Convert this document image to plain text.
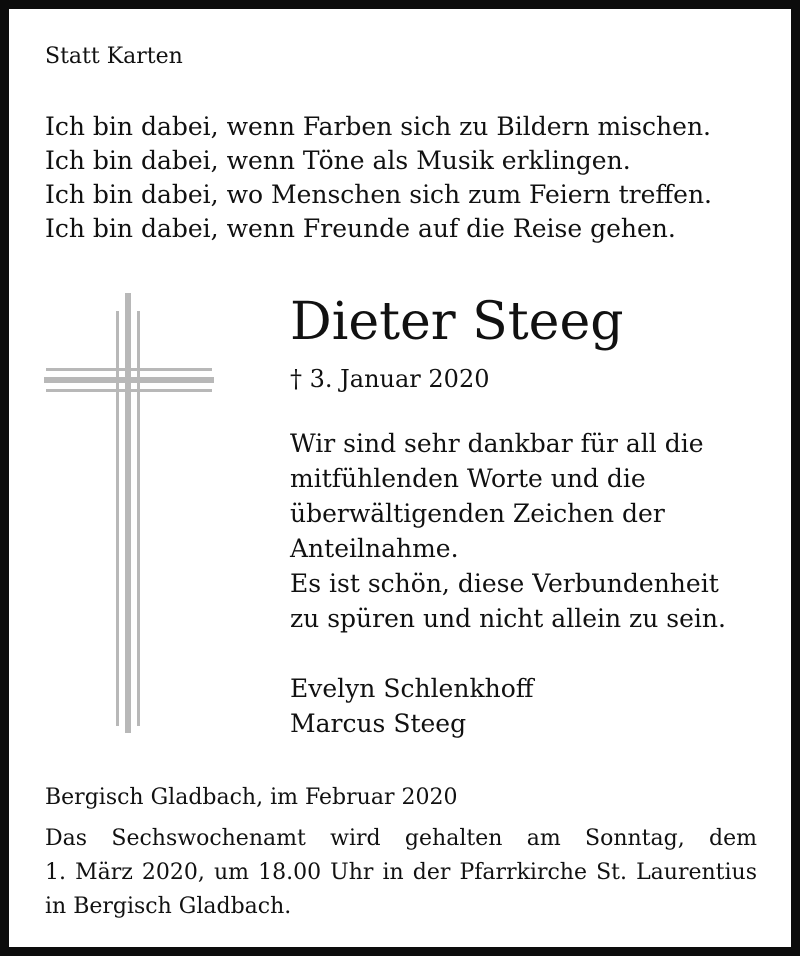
Statt Karten
Ich bin dabei, wenn Farben sich zu Bildern mischen.
Ich bin dabei, wenn Töne als Musik erklingen.
Ich bin dabei, wo Menschen sich zum Feiern treffen.
Ich bin dabei, wenn Freunde auf die Reise gehen.
Dieter Steeg
† 3. Januar 2020
Wir sind sehr dankbar für all die
mitfühlenden Worte und die
überwältigenden Zeichen der
Anteilnahme.
Es ist schön, diese Verbundenheit
zu spüren und nicht allein zu sein.
Evelyn Schlenkhoff
Marcus Steeg
Bergisch Gladbach, im Februar 2020
Das Sechswochenamt wird gehalten am Sonntag, dem
1. März 2020, um 18.00 Uhr in der Pfarrkirche St. Laurentius
in Bergisch Gladbach.
